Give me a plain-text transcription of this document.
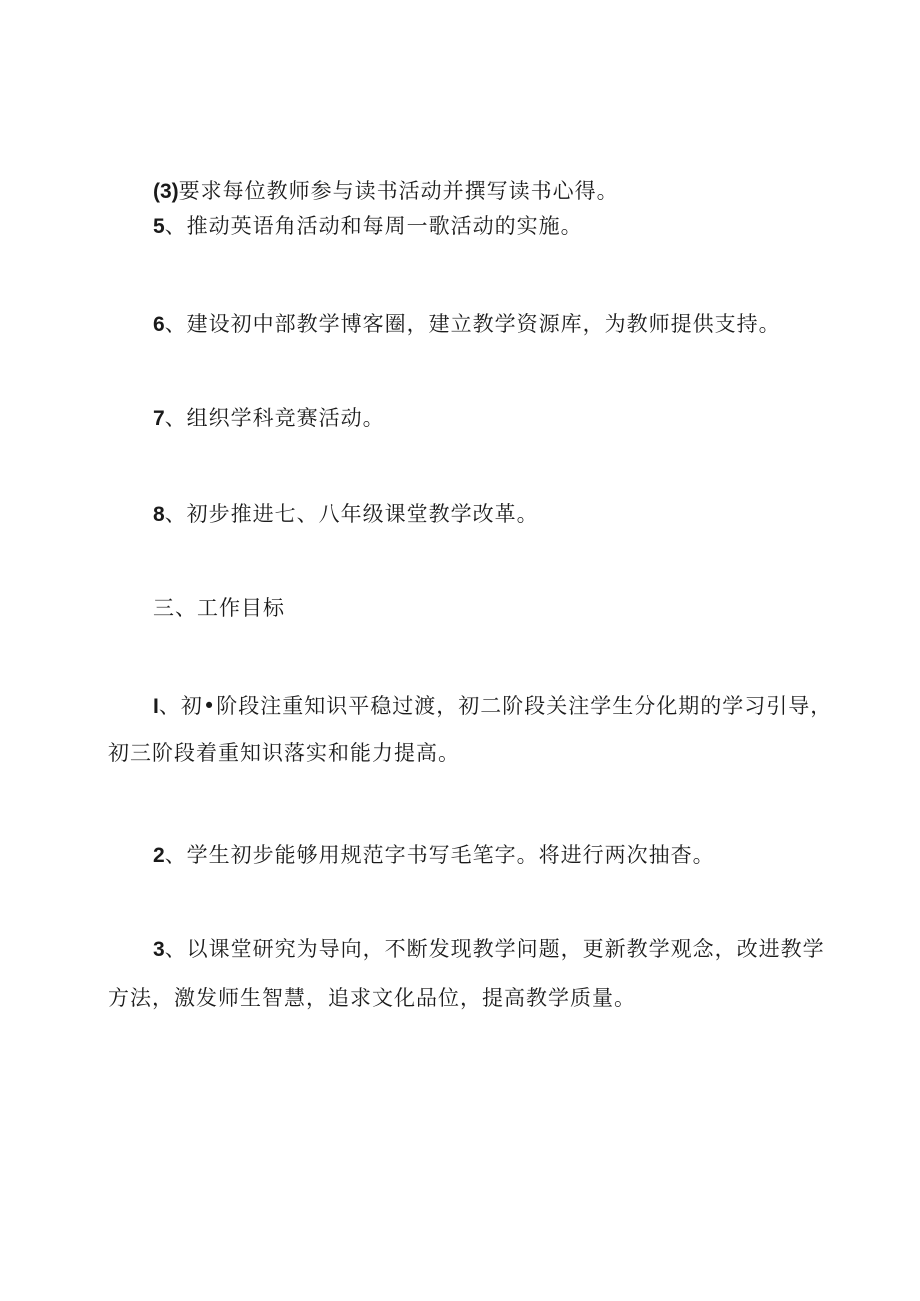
(3)要求每位教师参与读书活动并撰写读书心得。
5、推动英语角活动和每周一歌活动的实施。
6、建设初中部教学博客圈，建立教学资源库，为教师提供支持。
7、组织学科竞赛活动。
8、初步推进七、八年级课堂教学改革。
三、工作目标
I、初•阶段注重知识平稳过渡，初二阶段关注学生分化期的学习引导，
初三阶段着重知识落实和能力提高。
2、学生初步能够用规范字书写毛笔字。将进行两次抽杳。
3、以课堂研究为导向，不断发现教学问题，更新教学观念，改进教学
方法，激发师生智慧，追求文化品位，提高教学质量。
